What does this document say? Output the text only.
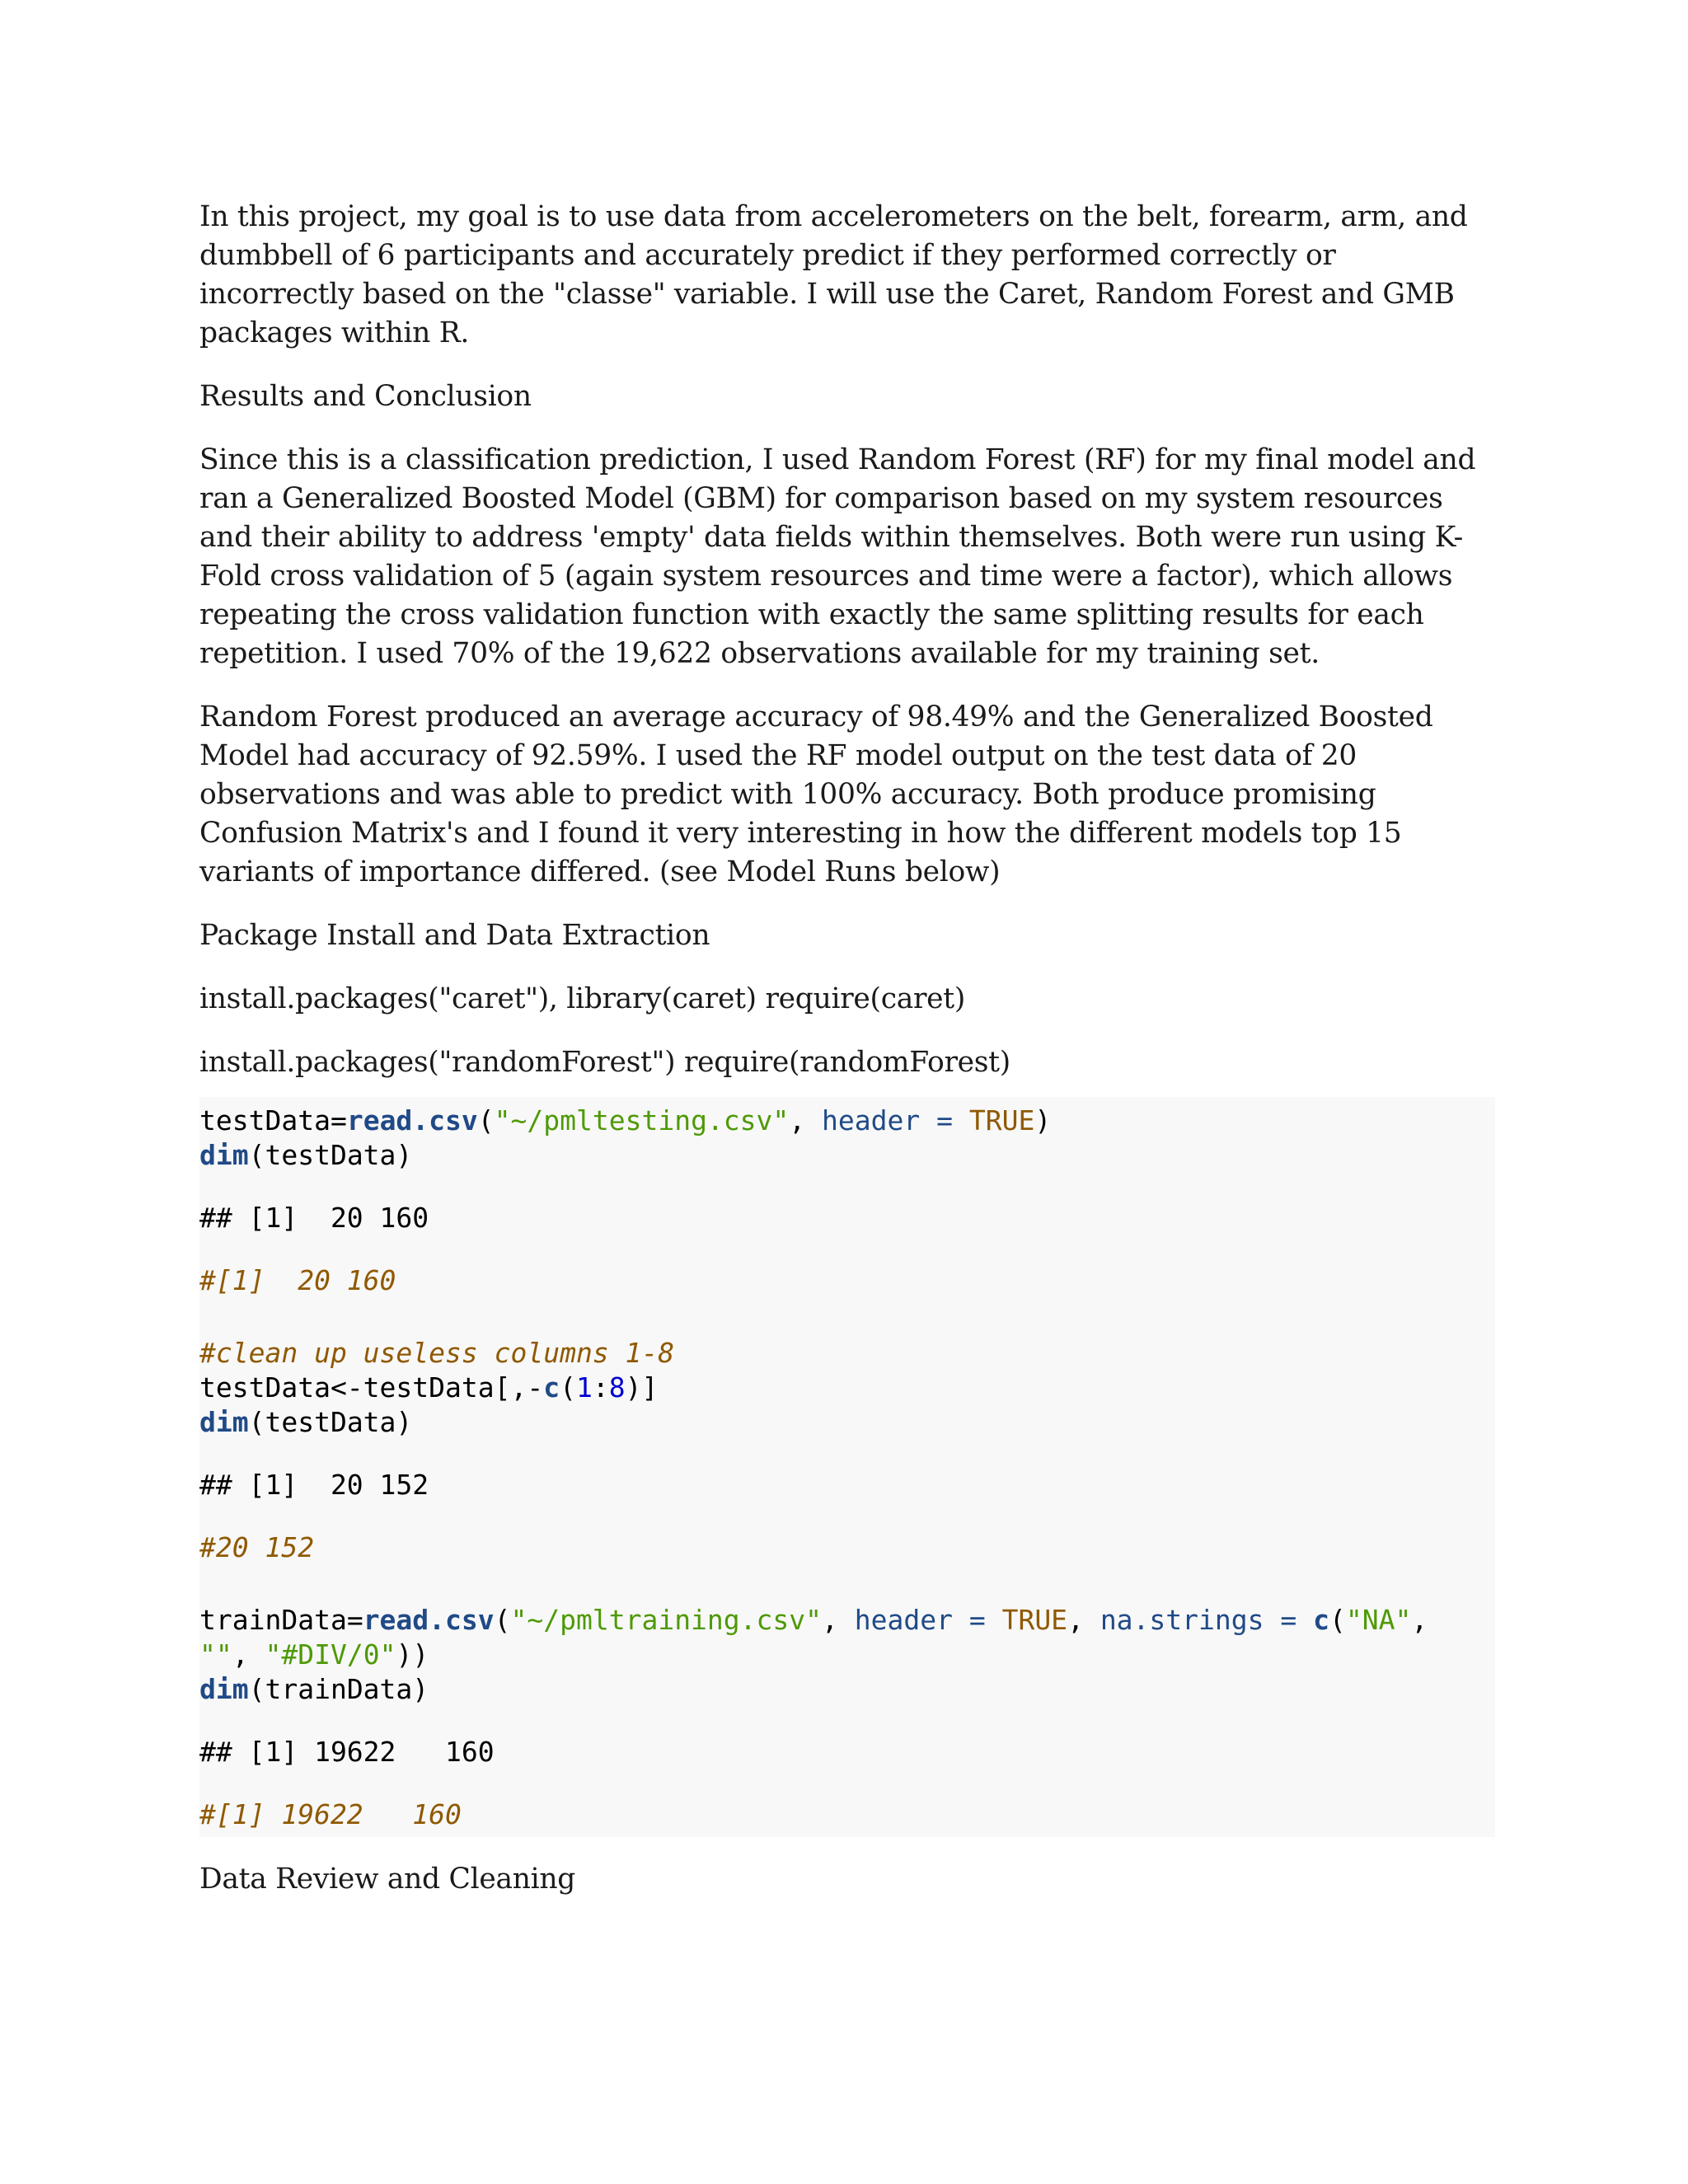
In this project, my goal is to use data from accelerometers on the belt, forearm, arm, and dumbbell of 6 participants and accurately predict if they performed correctly or incorrectly based on the "classe" variable. I will use the Caret, Random Forest and GMB packages within R.

Results and Conclusion

Since this is a classification prediction, I used Random Forest (RF) for my final model and ran a Generalized Boosted Model (GBM) for comparison based on my system resources and their ability to address 'empty' data fields within themselves. Both were run using K-Fold cross validation of 5 (again system resources and time were a factor), which allows repeating the cross validation function with exactly the same splitting results for each repetition. I used 70% of the 19,622 observations available for my training set.

Random Forest produced an average accuracy of 98.49% and the Generalized Boosted Model had accuracy of 92.59%. I used the RF model output on the test data of 20 observations and was able to predict with 100% accuracy. Both produce promising Confusion Matrix's and I found it very interesting in how the different models top 15 variants of importance differed. (see Model Runs below)

Package Install and Data Extraction

install.packages("caret"), library(caret) require(caret)

install.packages("randomForest") require(randomForest)

testData=read.csv("~/pmltesting.csv", header = TRUE)
dim(testData)
## [1]  20 160
#[1]  20 160
#clean up useless columns 1-8
testData<-testData[,-c(1:8)]
dim(testData)
## [1]  20 152
#20 152
trainData=read.csv("~/pmltraining.csv", header = TRUE, na.strings = c("NA",
"", "#DIV/0"))
dim(trainData)
## [1] 19622   160
#[1] 19622   160

Data Review and Cleaning
